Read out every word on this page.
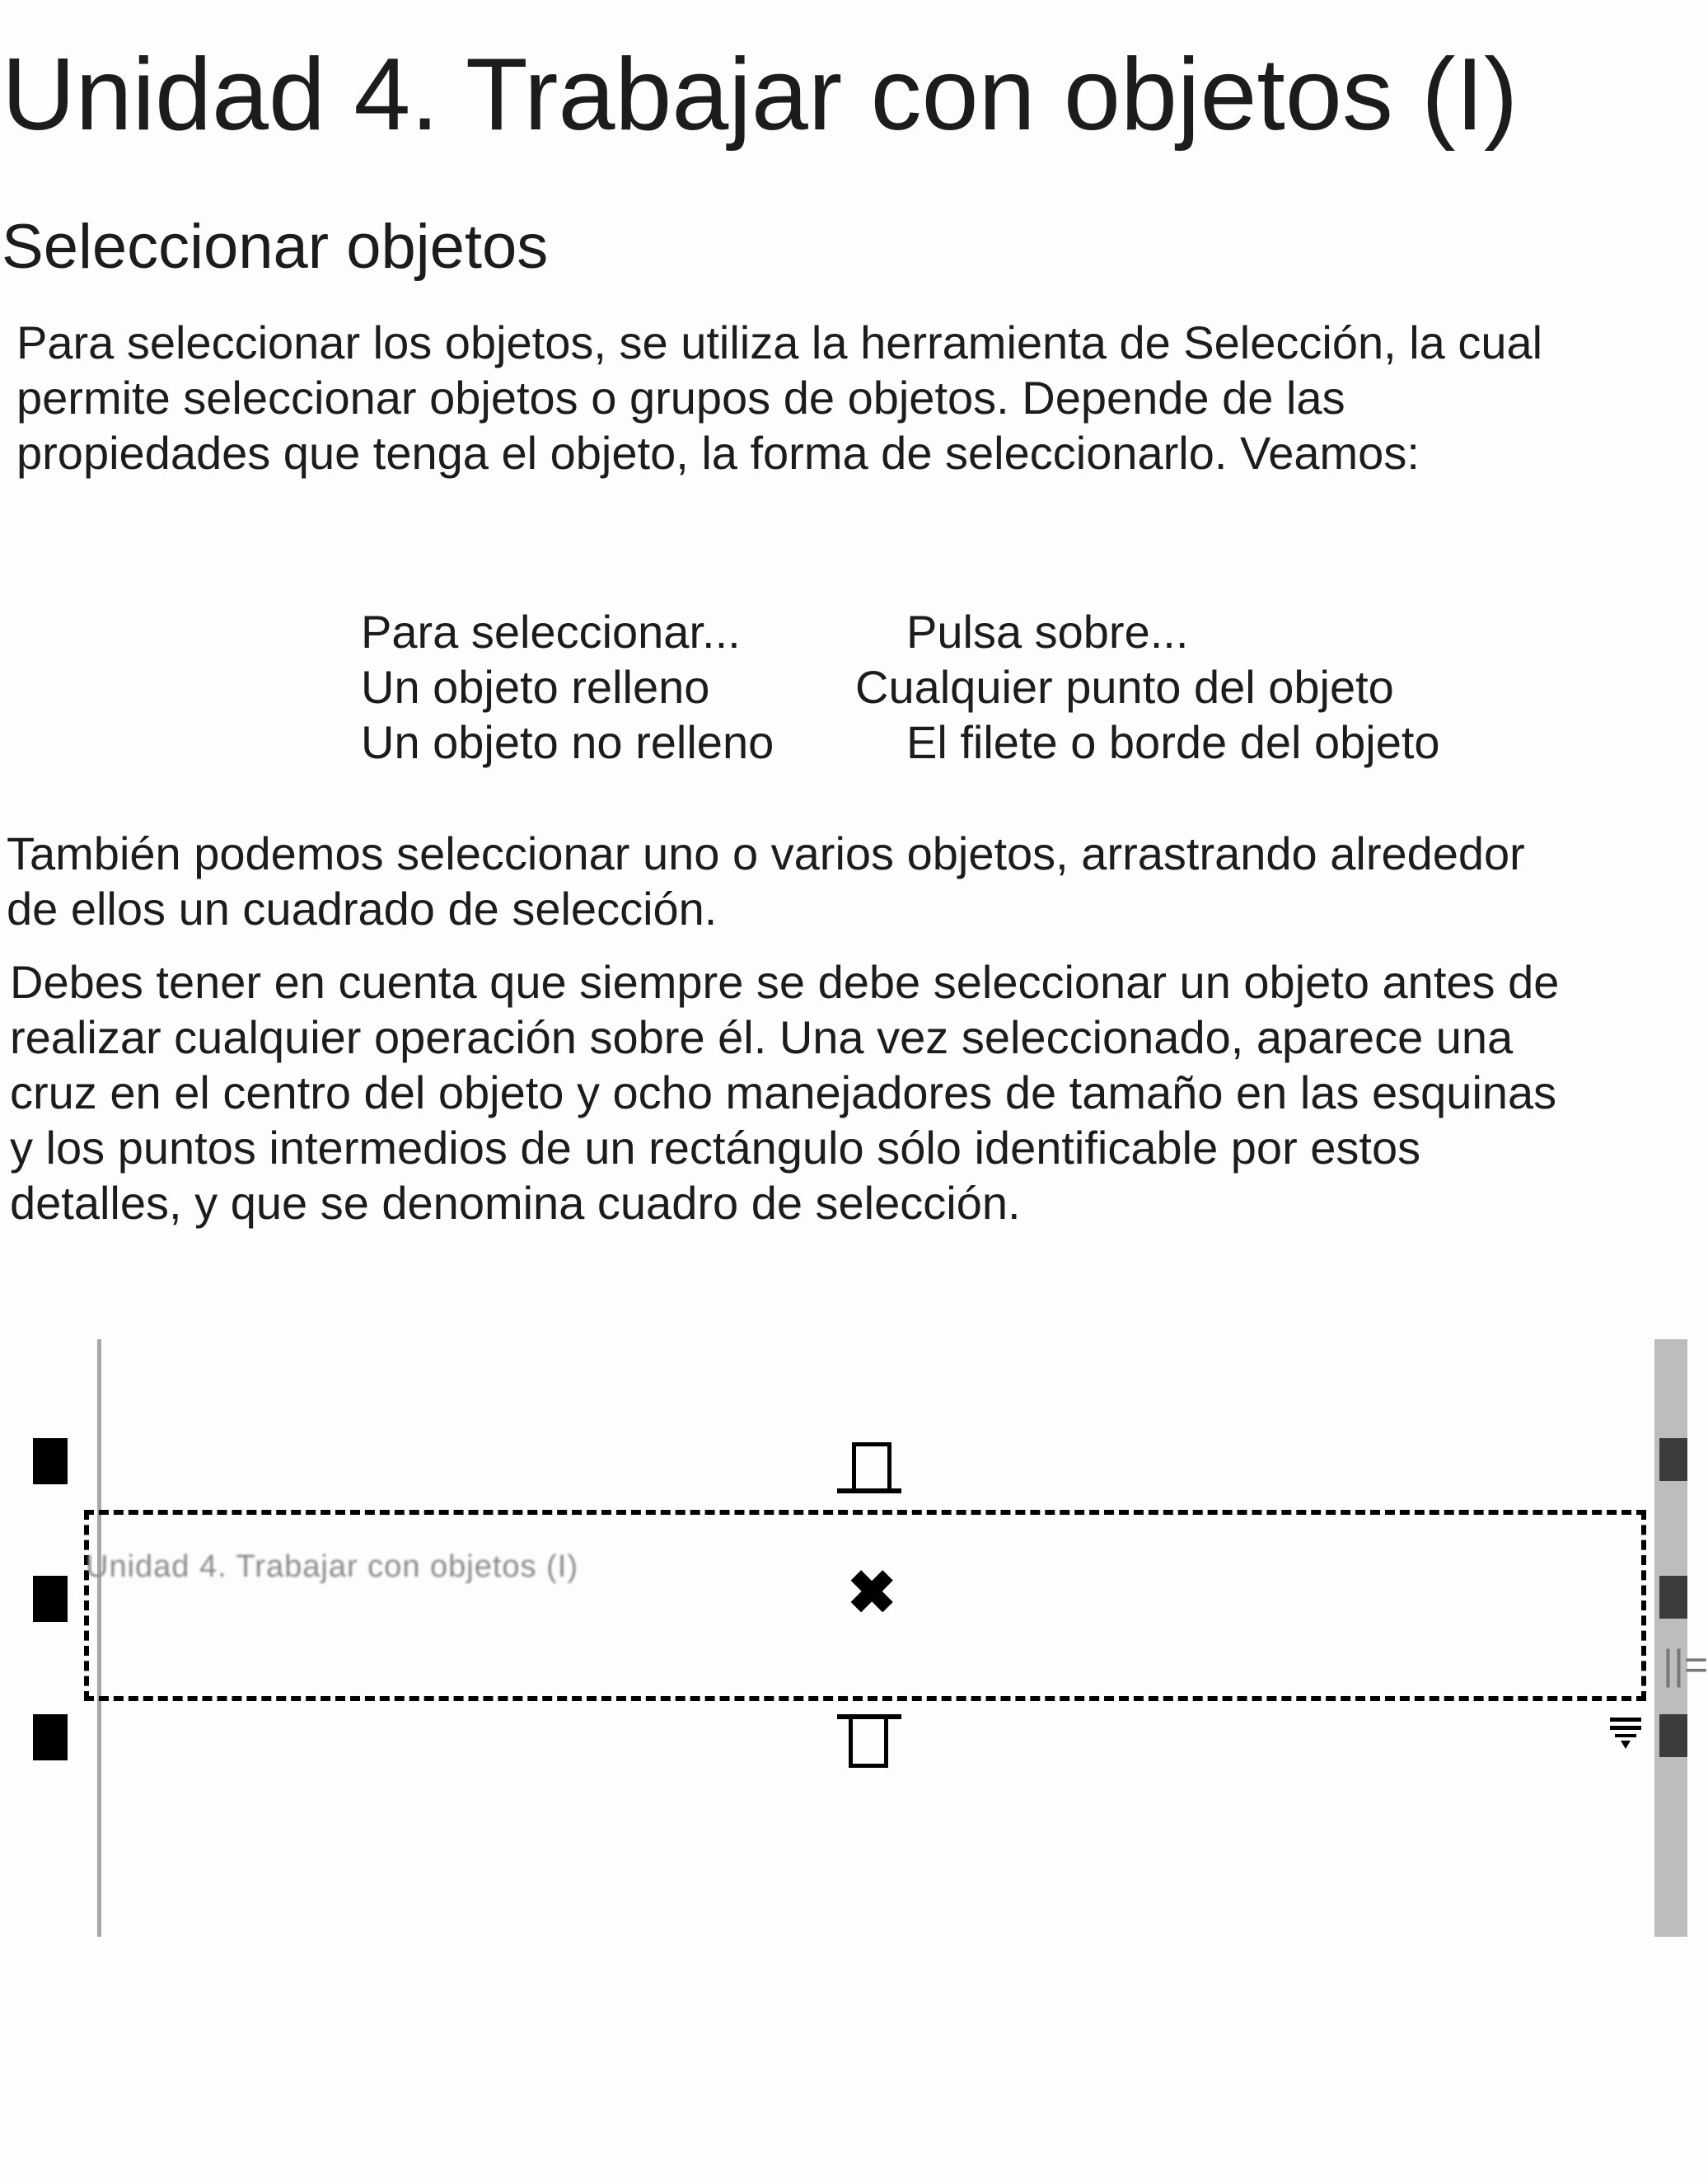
Unidad 4. Trabajar con objetos (I)
Seleccionar objetos

Para seleccionar los objetos, se utiliza la herramienta de Selección, la cual

permite seleccionar objetos o grupos de objetos. Depende de las

propiedades que tenga el objeto, la forma de seleccionarlo. Veamos:

Para seleccionar...	Pulsa sobre...
Un objeto relleno	Cualquier punto del objeto
Un objeto no relleno	El filete o borde del objeto

También podemos seleccionar uno o varios objetos, arrastrando alrededor

de ellos un cuadrado de selección.

Debes tener en cuenta que siempre se debe seleccionar un objeto antes de

realizar cualquier operación sobre él. Una vez seleccionado, aparece una

cruz en el centro del objeto y ocho manejadores de tamaño en las esquinas

y los puntos intermedios de un rectángulo sólo identificable por estos

detalles, y que se denomina cuadro de selección.

Unidad 4. Trabajar con objetos (I)	✖
||=
